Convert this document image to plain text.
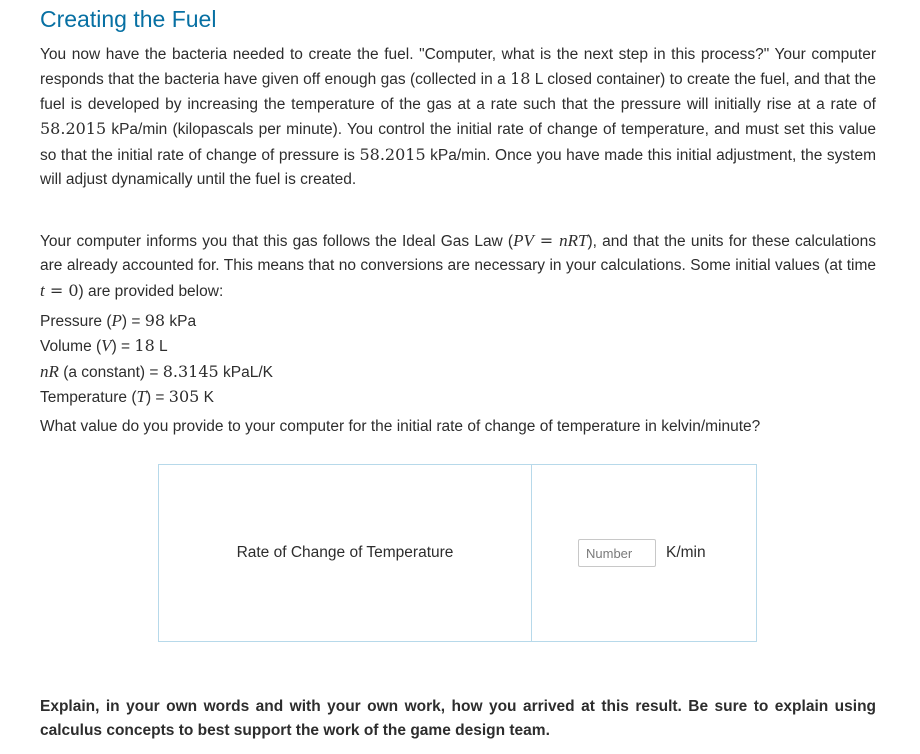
Creating the Fuel

You now have the bacteria needed to create the fuel. "Computer, what is the next step in this process?" Your computer responds that the bacteria have given off enough gas (collected in a 18 L closed container) to create the fuel, and that the fuel is developed by increasing the temperature of the gas at a rate such that the pressure will initially rise at a rate of 58.2015 kPa/min (kilopascals per minute). You control the initial rate of change of temperature, and must set this value so that the initial rate of change of pressure is 58.2015 kPa/min. Once you have made this initial adjustment, the system will adjust dynamically until the fuel is created.

Your computer informs you that this gas follows the Ideal Gas Law (PV = nRT), and that the units for these calculations are already accounted for. This means that no conversions are necessary in your calculations. Some initial values (at time t = 0) are provided below:

Pressure (P) = 98 kPa
Volume (V) = 18 L
nR (a constant) = 8.3145 kPaL/K
Temperature (T) = 305 K
What value do you provide to your computer for the initial rate of change of temperature in kelvin/minute?
Rate of Change of Temperature
Number	K/min
Explain, in your own words and with your own work, how you arrived at this result. Be sure to explain using calculus concepts to best support the work of the game design team.
